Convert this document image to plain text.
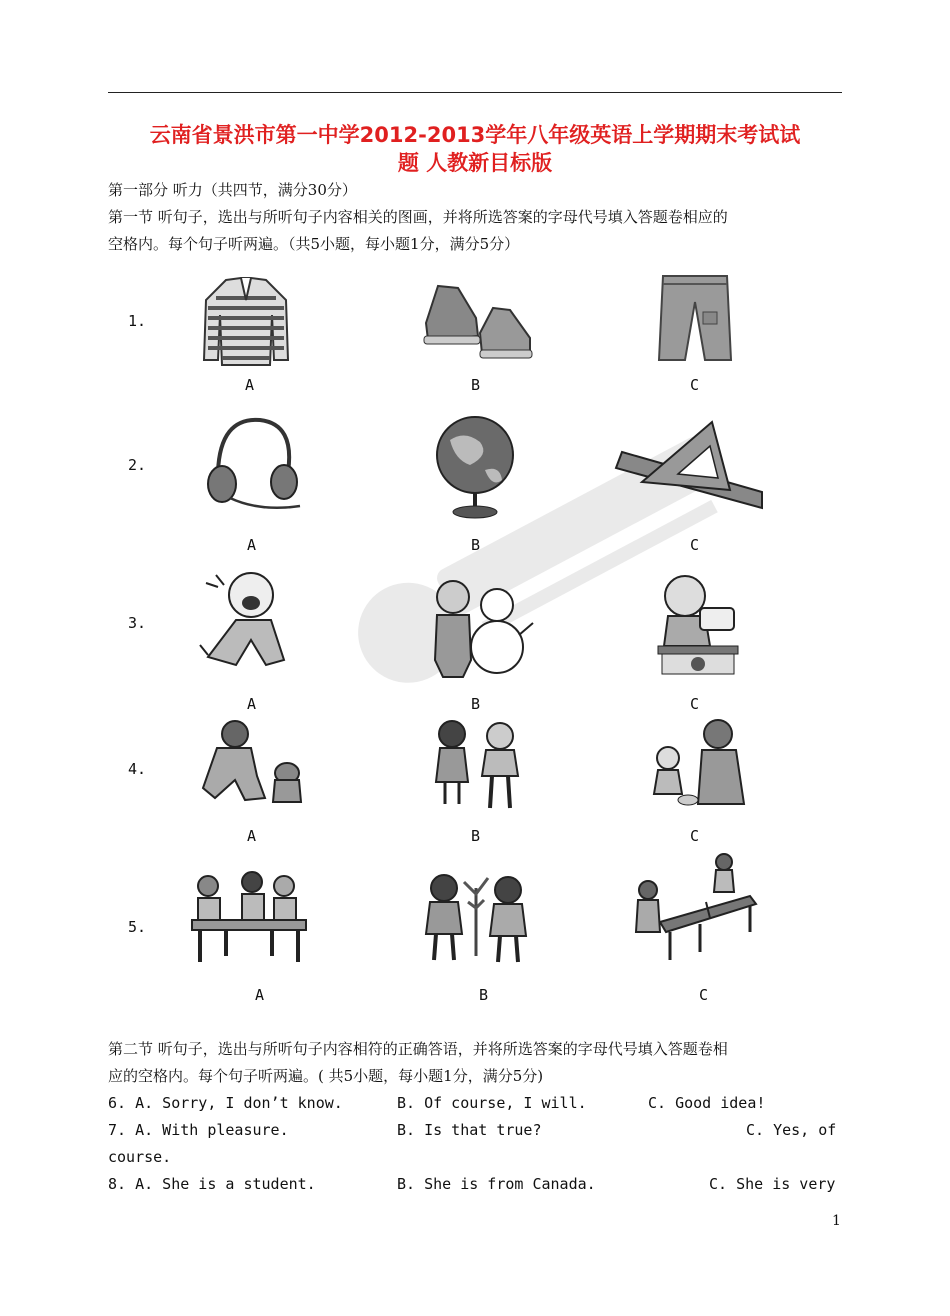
云南省景洪市第一中学2012-2013学年八年级英语上学期期末考试试
题 人教新目标版
第一部分 听力（共四节，满分30分）
第一节 听句子，选出与所听句子内容相关的图画，并将所选答案的字母代号填入答题卷相应的
空格内。每个句子听两遍。（共5小题，每小题1分，满分5分）
1.
A	B	C
2.
A	B	C
3.
A	B	C
4.
A	B	C
5.
A	B	C
第二节 听句子，选出与所听句子内容相符的正确答语，并将所选答案的字母代号填入答题卷相
应的空格内。每个句子听两遍。( 共5小题，每小题1分，满分5分)
6. A. Sorry, I don’t know.	B. Of course, I will.	C. Good idea!
7. A. With pleasure.	B. Is that true?	C. Yes, of
course.
8. A. She is a student.	B. She is from Canada.	C. She is very
1
